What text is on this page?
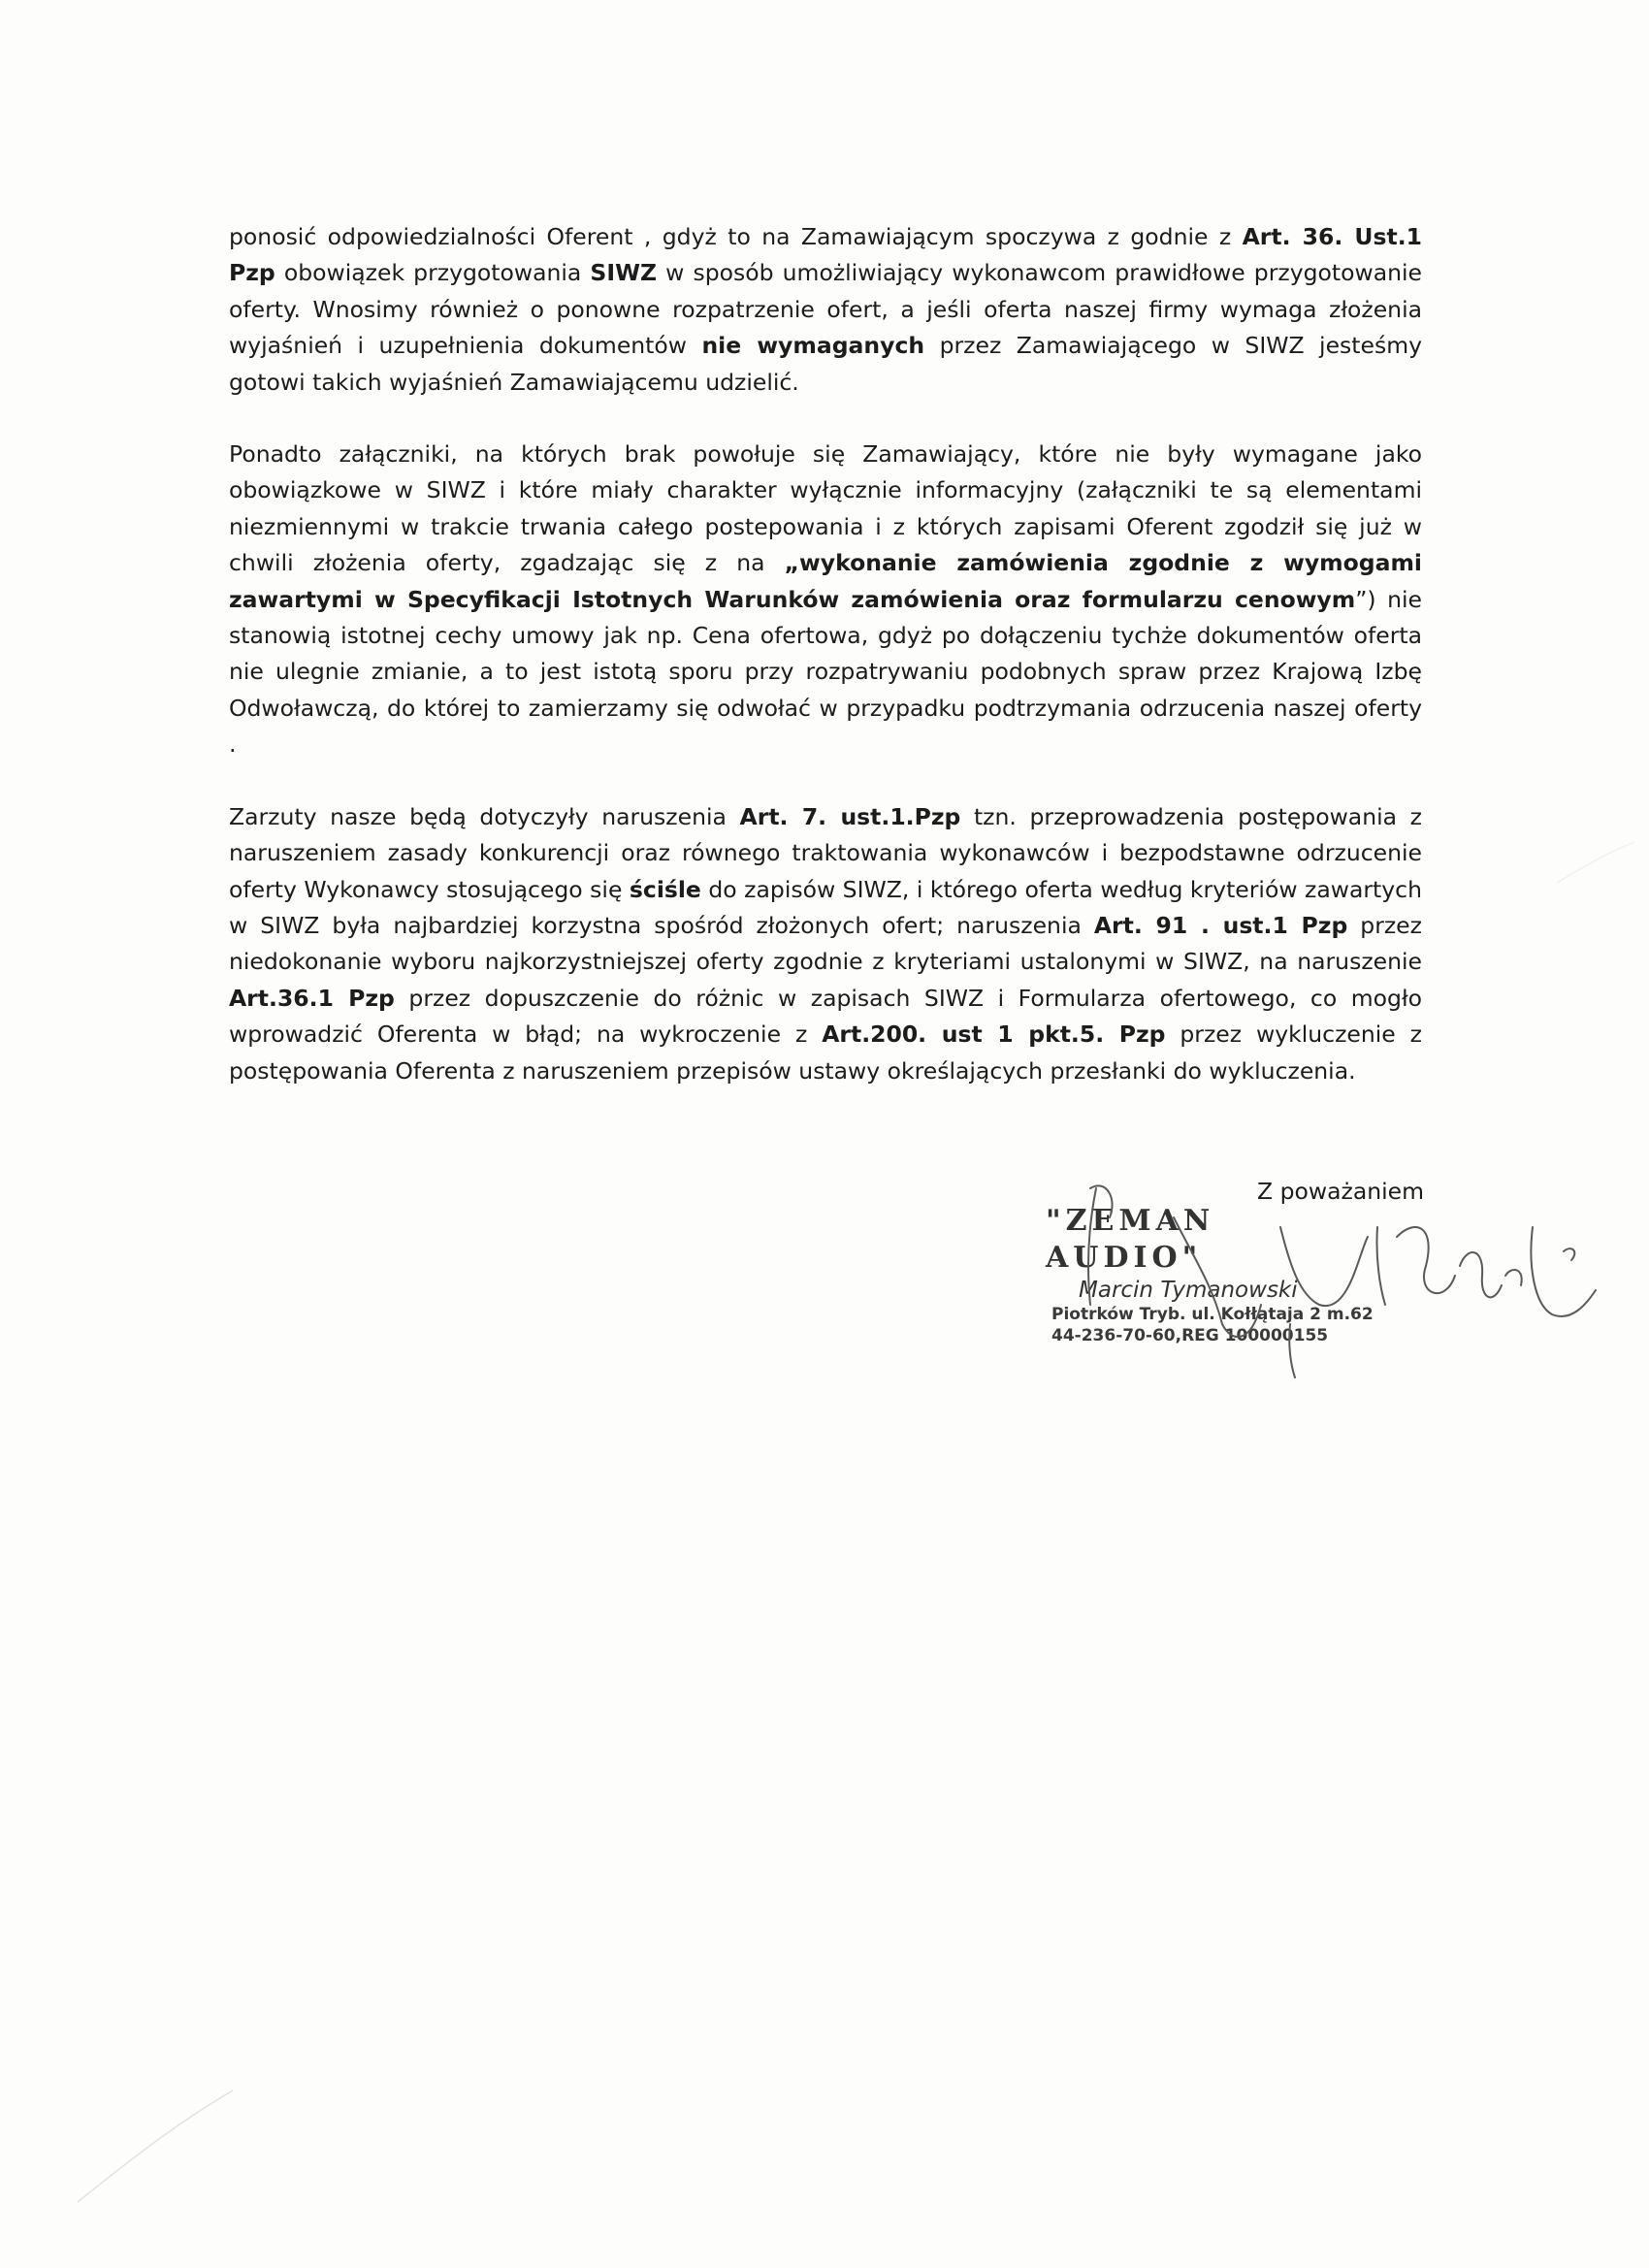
ponosić odpowiedzialności Oferent , gdyż to na Zamawiającym spoczywa z godnie z Art. 36. Ust.1 Pzp obowiązek przygotowania SIWZ w sposób umożliwiający wykonawcom prawidłowe przygotowanie oferty. Wnosimy również o ponowne rozpatrzenie ofert, a jeśli oferta naszej firmy wymaga złożenia wyjaśnień i uzupełnienia dokumentów nie wymaganych przez Zamawiającego w SIWZ jesteśmy gotowi takich wyjaśnień Zamawiającemu udzielić.

Ponadto załączniki, na których brak powołuje się Zamawiający, które nie były wymagane jako obowiązkowe w SIWZ i które miały charakter wyłącznie informacyjny (załączniki te są elementami niezmiennymi w trakcie trwania całego postepowania i z których zapisami Oferent zgodził się już w chwili złożenia oferty, zgadzając się z na „wykonanie zamówienia zgodnie z wymogami zawartymi w Specyfikacji Istotnych Warunków zamówienia oraz formularzu cenowym”) nie stanowią istotnej cechy umowy jak np. Cena ofertowa, gdyż po dołączeniu tychże dokumentów oferta nie ulegnie zmianie, a to jest istotą sporu przy rozpatrywaniu podobnych spraw przez Krajową Izbę Odwoławczą, do której to zamierzamy się odwołać w przypadku podtrzymania odrzucenia naszej oferty .

Zarzuty nasze będą dotyczyły naruszenia Art. 7. ust.1.Pzp tzn. przeprowadzenia postępowania z naruszeniem zasady konkurencji oraz równego traktowania wykonawców i bezpodstawne odrzucenie oferty Wykonawcy stosującego się ściśle do zapisów SIWZ, i którego oferta według kryteriów zawartych w SIWZ była najbardziej korzystna spośród złożonych ofert; naruszenia Art. 91 . ust.1 Pzp przez niedokonanie wyboru najkorzystniejszej oferty zgodnie z kryteriami ustalonymi w SIWZ, na naruszenie Art.36.1 Pzp przez dopuszczenie do różnic w zapisach SIWZ i Formularza ofertowego, co mogło wprowadzić Oferenta w błąd; na wykroczenie z Art.200. ust 1 pkt.5. Pzp przez wykluczenie z postępowania Oferenta z naruszeniem przepisów ustawy określających przesłanki do wykluczenia.

Z poważaniem
"ZEMAN AUDIO"
Marcin Tymanowski
Piotrków Tryb. ul. Kołłątaja 2 m.62
44-236-70-60,REG 100000155
